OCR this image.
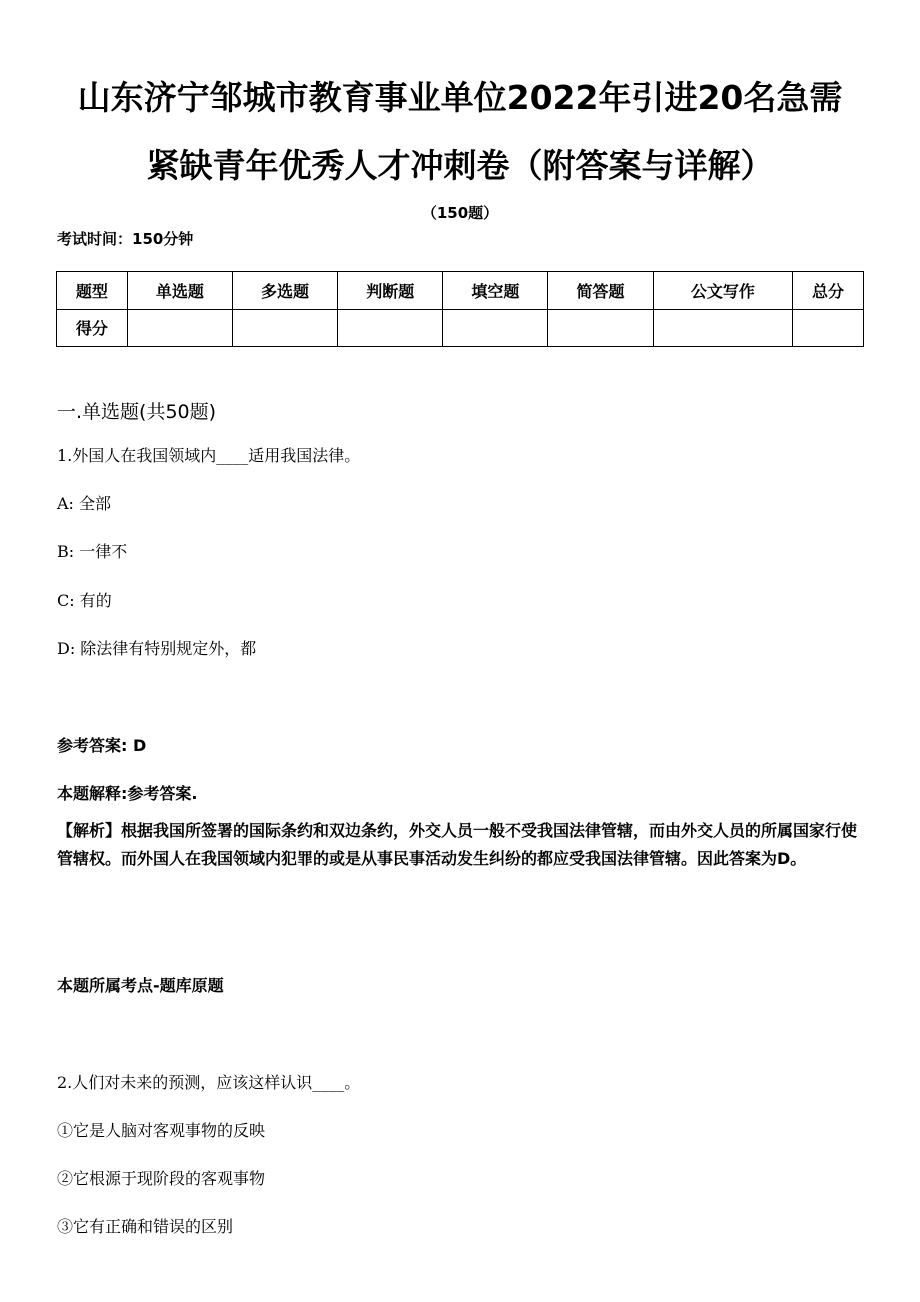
山东济宁邹城市教育事业单位2022年引进20名急需
紧缺青年优秀人才冲刺卷（附答案与详解）
（150题）
考试时间：150分钟
题型	单选题	多选题	判断题	填空题	简答题	公文写作	总分
得分							
一.单选题(共50题)
1.外国人在我国领域内____适用我国法律。
A: 全部
B: 一律不
C: 有的
D: 除法律有特别规定外，都
参考答案: D
本题解释:参考答案.
【解析】根据我国所签署的国际条约和双边条约，外交人员一般不受我国法律管辖，而由外交人员的所属国家行使管辖权。而外国人在我国领域内犯罪的或是从事民事活动发生纠纷的都应受我国法律管辖。因此答案为D。
本题所属考点-题库原题
2.人们对未来的预测，应该这样认识____。
①它是人脑对客观事物的反映
②它根源于现阶段的客观事物
③它有正确和错误的区别
